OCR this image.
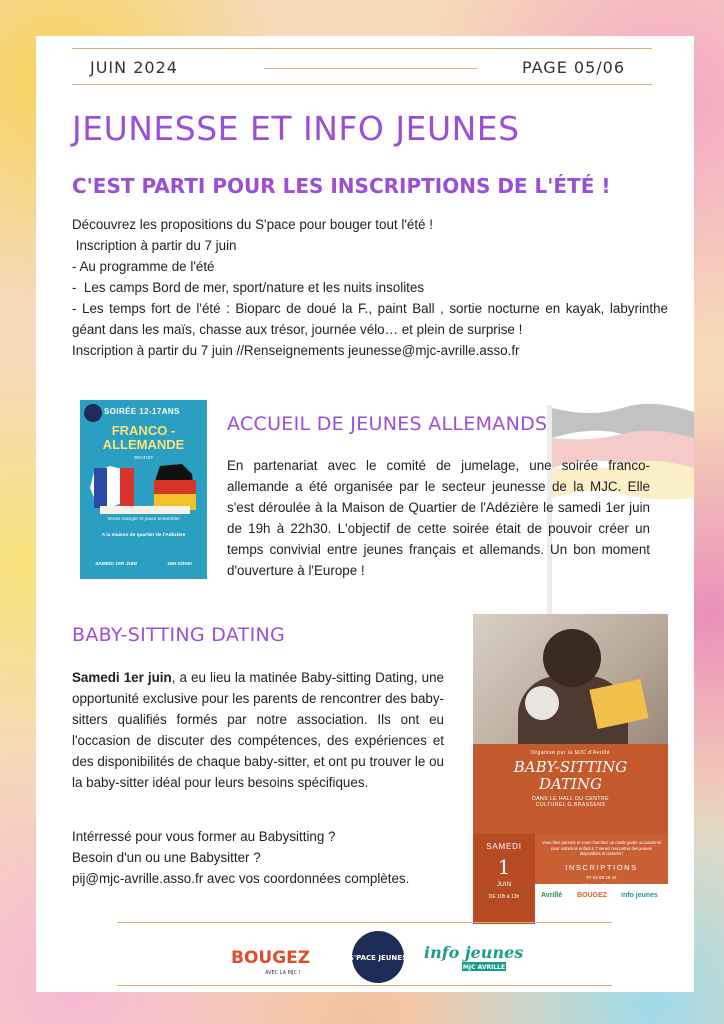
JUIN 2024	PAGE 05/06
JEUNESSE ET INFO JEUNES
C'EST PARTI POUR LES INSCRIPTIONS DE L'ÉTÉ !
Découvrez les propositions du S'pace pour bouger tout l'été !
Inscription à partir du 7 juin
- Au programme de l'été
-  Les camps Bord de mer, sport/nature et les nuits insolites
- Les temps fort de l'été : Bioparc de doué la F., paint Ball , sortie nocturne en kayak, labyrinthe géant dans les maïs, chasse aux trésor, journée vélo… et plein de surprise !
Inscription à partir du 7 juin //Renseignements jeunesse@mjc-avrille.asso.fr
SOIRÉE 12-17ANS
FRANCO -
ALLEMANDE
GRATUIT
Venez manger et jouez ensemble!
A la maison de quartier de l'Adézière
SAMEDI 1ER JUIN	19H-22H30
ACCUEIL DE JEUNES ALLEMANDS
En partenariat avec le comité de jumelage, une soirée franco-allemande a été organisée par le secteur jeunesse de la MJC. Elle s'est déroulée à la Maison de Quartier de l'Adézière le samedi 1er juin de 19h à 22h30. L'objectif de cette soirée était de pouvoir créer un temps convivial entre jeunes français et allemands. Un bon moment d'ouverture à l'Europe !
BABY-SITTING DATING
Samedi 1er juin, a eu lieu la matinée Baby-sitting Dating, une opportunité exclusive pour les parents de rencontrer des baby-sitters qualifiés formés par notre association. Ils ont eu l'occasion de discuter des compétences, des expériences et des disponibilités de chaque baby-sitter, et ont pu trouver le ou la baby-sitter idéal pour leurs besoins spécifiques.
Intérressé pour vous former au Babysitting ?
Besoin d'un ou une Babysitter ?
pij@mjc-avrille.asso.fr avec vos coordonnées complètes.
Organisé par la MJC d'Avrillé
BABY-SITTING
DATING
DANS LE HALL DU CENTRE
CULTUREL G.BRASSENS
SAMEDI
1
JUIN
DE 10h à 13h
Vous êtes parents et vous cherchez un mode garde occasionnel pour votre/vos enfant.s ? Venez rencontrer des jeunes disponibles et motivés !
INSCRIPTIONS
07 63 69 26 44
Avrillé BOUGEZ info jeunes
BOUGEZ
AVEC LA MJC !
S'PACE JEUNES info jeunes
MJC AVRILLE
